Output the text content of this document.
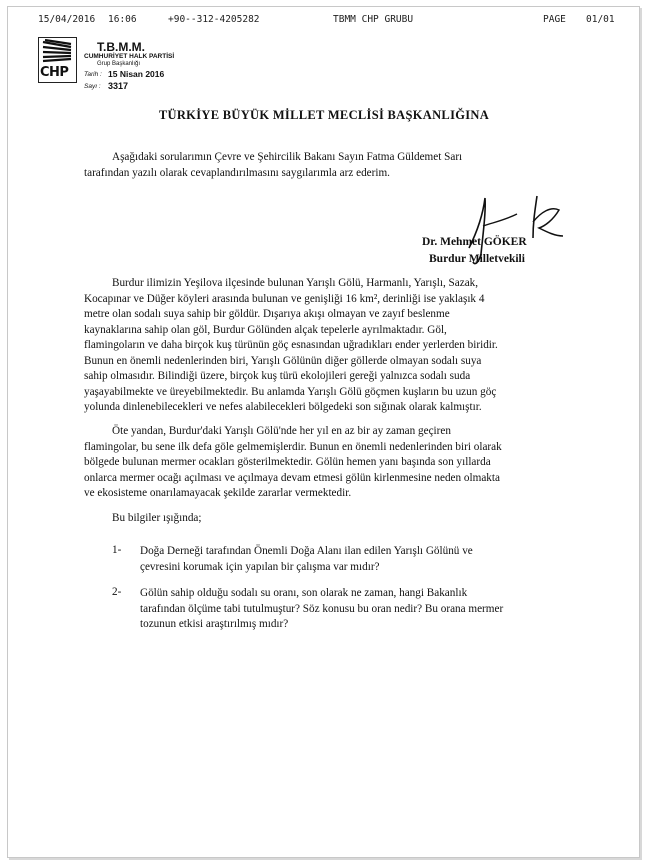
15/04/2016 16:06	+90--312-4205282	TBMM CHP GRUBU	PAGE 01/01
CHP
T.B.M.M.
CUMHURİYET HALK PARTİSİ
Grup Başkanlığı
Tarih : 15 Nisan 2016
Sayı : 3317
TÜRKİYE BÜYÜK MİLLET MECLİSİ BAŞKANLIĞINA
Aşağıdaki sorularımın Çevre ve Şehircilik Bakanı Sayın Fatma Güldemet Sarı
tarafından yazılı olarak cevaplandırılmasını saygılarımla arz ederim.
Dr. Mehmet GÖKER
Burdur Milletvekili
Burdur ilimizin Yeşilova ilçesinde bulunan Yarışlı Gölü, Harmanlı, Yarışlı, Sazak,
Kocapınar ve Düğer köyleri arasında bulunan ve genişliği 16 km², derinliği ise yaklaşık 4
metre olan sodalı suya sahip bir göldür. Dışarıya akışı olmayan ve zayıf beslenme
kaynaklarına sahip olan göl, Burdur Gölünden alçak tepelerle ayrılmaktadır. Göl,
flamingoların ve daha birçok kuş türünün göç esnasından uğradıkları ender yerlerden biridir.
Bunun en önemli nedenlerinden biri, Yarışlı Gölünün diğer göllerde olmayan sodalı suya
sahip olmasıdır. Bilindiği üzere, birçok kuş türü ekolojileri gereği yalnızca sodalı suda
yaşayabilmekte ve üreyebilmektedir. Bu anlamda Yarışlı Gölü göçmen kuşların bu uzun göç
yolunda dinlenebilecekleri ve nefes alabilecekleri bölgedeki son sığınak olarak kalmıştır.
Öte yandan, Burdur'daki Yarışlı Gölü'nde her yıl en az bir ay zaman geçiren
flamingolar, bu sene ilk defa göle gelmemişlerdir. Bunun en önemli nedenlerinden biri olarak
bölgede bulunan mermer ocakları gösterilmektedir. Gölün hemen yanı başında son yıllarda
onlarca mermer ocağı açılması ve açılmaya devam etmesi gölün kirlenmesine neden olmakta
ve ekosisteme onarılamayacak şekilde zararlar vermektedir.
Bu bilgiler ışığında;
1- Doğa Derneği tarafından Önemli Doğa Alanı ilan edilen Yarışlı Gölünü ve
çevresini korumak için yapılan bir çalışma var mıdır?
2- Gölün sahip olduğu sodalı su oranı, son olarak ne zaman, hangi Bakanlık
tarafından ölçüme tabi tutulmuştur? Söz konusu bu oran nedir? Bu orana mermer
tozunun etkisi araştırılmış mıdır?
